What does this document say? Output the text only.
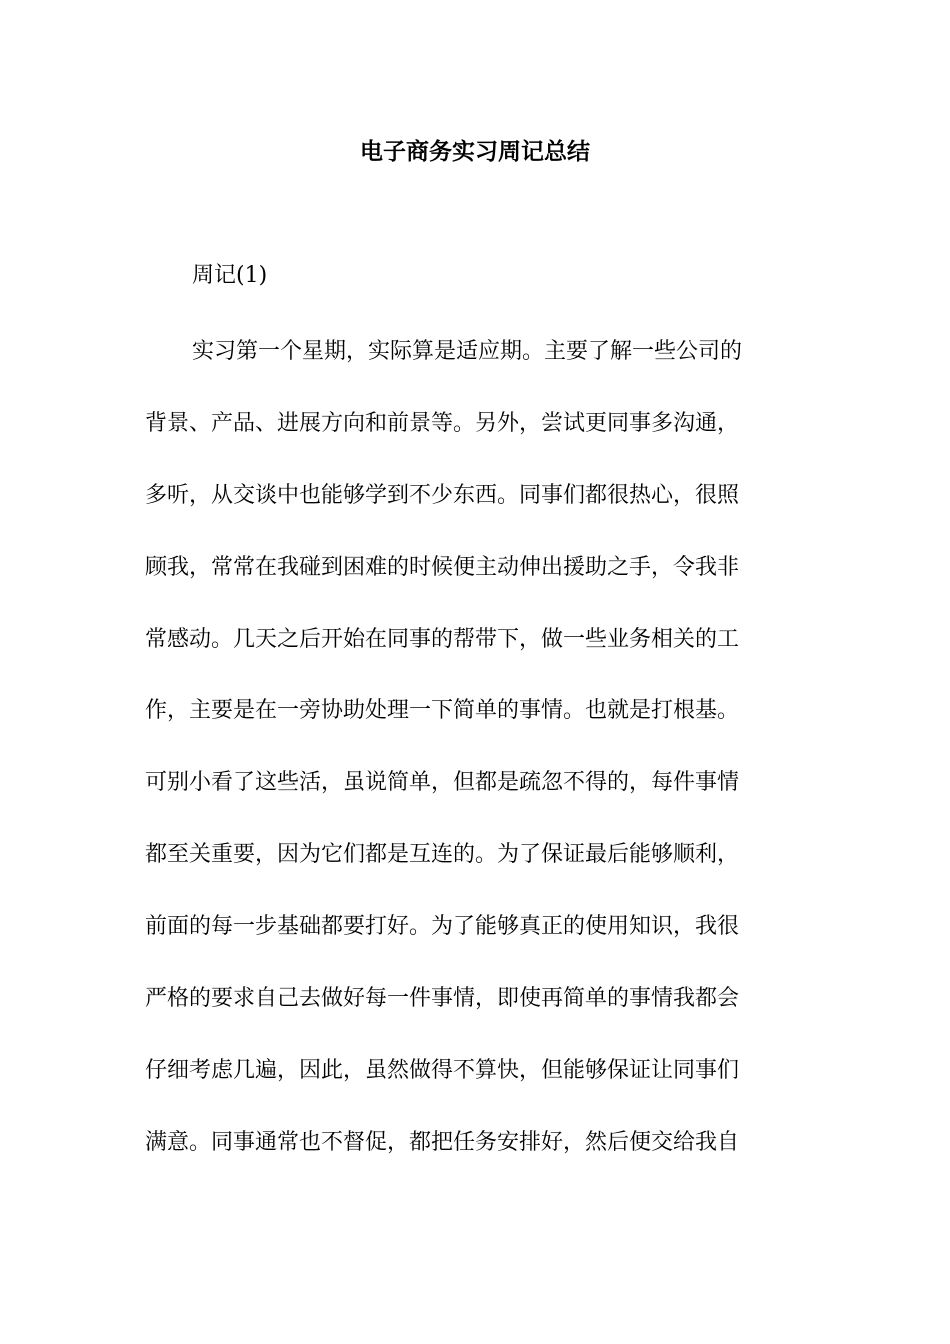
电子商务实习周记总结

周记(1)

实习第一个星期，实际算是适应期。主要了解一些公司的
背景、产品、进展方向和前景等。另外，尝试更同事多沟通，
多听，从交谈中也能够学到不少东西。同事们都很热心，很照
顾我，常常在我碰到困难的时候便主动伸出援助之手，令我非
常感动。几天之后开始在同事的帮带下，做一些业务相关的工
作，主要是在一旁协助处理一下简单的事情。也就是打根基。
可别小看了这些活，虽说简单，但都是疏忽不得的，每件事情
都至关重要，因为它们都是互连的。为了保证最后能够顺利，
前面的每一步基础都要打好。为了能够真正的使用知识，我很
严格的要求自己去做好每一件事情，即使再简单的事情我都会
仔细考虑几遍，因此，虽然做得不算快，但能够保证让同事们
满意。同事通常也不督促，都把任务安排好，然后便交给我自
